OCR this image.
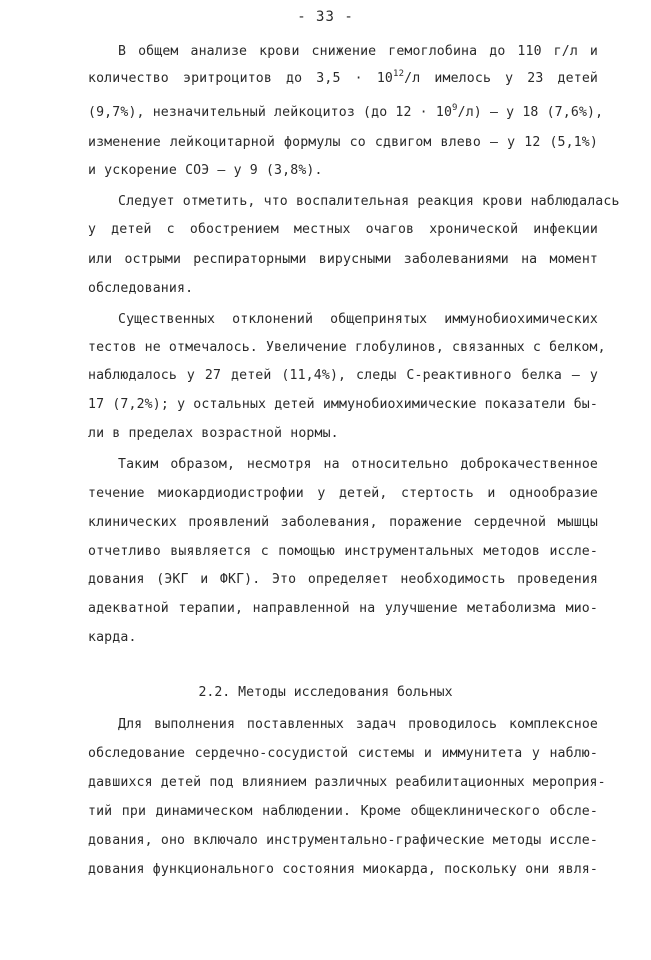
- 33 -
В общем анализе крови снижение гемоглобина до 110 г/л и
количество эритроцитов до $3,5 \cdot 10^{12}/л$ имелось у 23 детей
(9,7%), незначительный лейкоцитоз (до $12 \cdot 10^9/л) - у$ 18 (7,6%),
изменение лейкоцитарной формулы со сдвигом влево – у 12 (5,1%)
и ускорение СОЭ – у 9 (3,8%).
Следует отметить, что воспалительная реакция крови наблюдалась
у детей с обострением местных очагов хронической инфекции
или острыми респираторными вирусными заболеваниями на момент
обследования.
Существенных отклонений общепринятых иммунобиохимических
тестов не отмечалось. Увеличение глобулинов, связанных с белком,
наблюдалось у 27 детей (11,4%), следы С-реактивного белка – у
17 (7,2%); у остальных детей иммунобиохимические показатели бы-
ли в пределах возрастной нормы.
Таким образом, несмотря на относительно доброкачественное
течение миокардиодистрофии у детей, стертость и однообразие
клинических проявлений заболевания, поражение сердечной мышцы
отчетливо выявляется с помощью инструментальных методов иссле-
дования (ЭКГ и ФКГ). Это определяет необходимость проведения
адекватной терапии, направленной на улучшение метаболизма мио-
карда.
2.2. Методы исследования больных
Для выполнения поставленных задач проводилось комплексное
обследование сердечно-сосудистой системы и иммунитета у наблю-
давшихся детей под влиянием различных реабилитационных мероприя-
тий при динамическом наблюдении. Кроме общеклинического обсле-
дования, оно включало инструментально-графические методы иссле-
дования функционального состояния миокарда, поскольку они явля-
